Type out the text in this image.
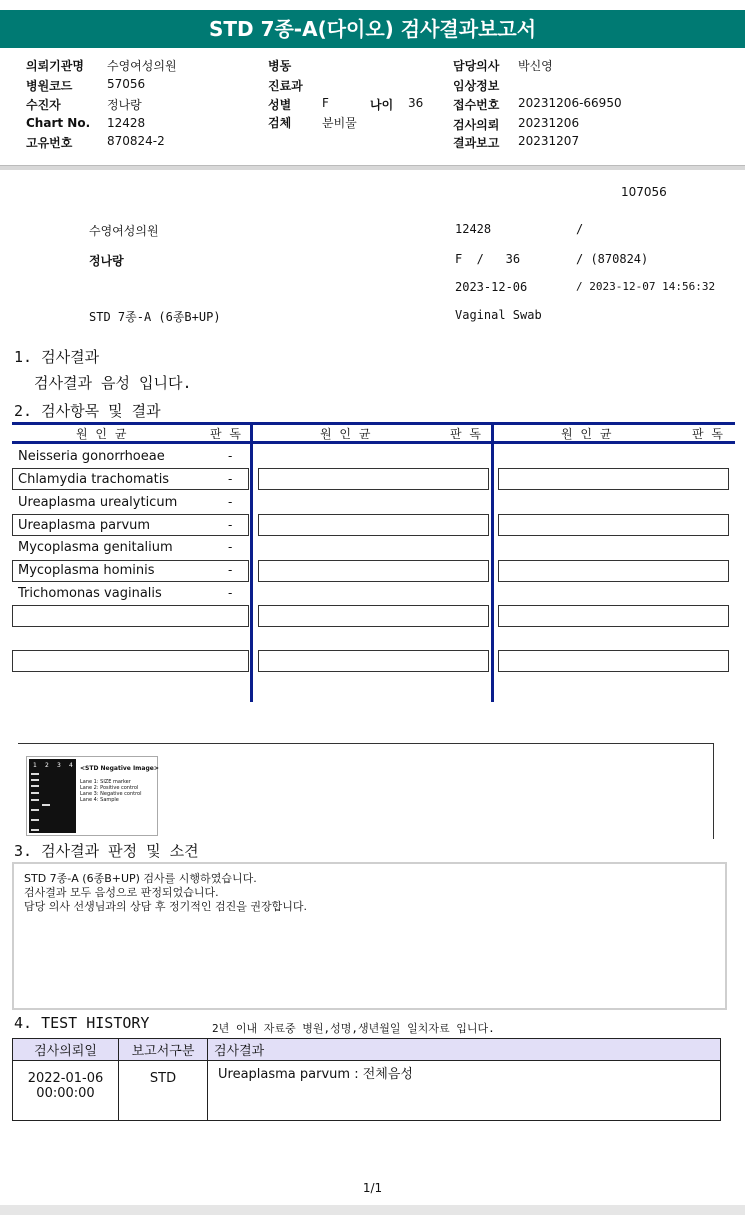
STD 7종-A(다이오) 검사결과보고서
의뢰기관명 수영여성의원
병원코드	57056
수진자	정나랑
Chart No. 12428
고유번호	870824-2
병동
진료과
성별	F	나이 36
검체	분비물
담당의사 박신영
임상정보
접수번호 20231206-66950
검사의뢰 20231206
결과보고 20231207
107056
수영여성의원	12428	/
정나랑	F  /   36	/ (870824)
2023-12-06	/ 2023-12-07 14:56:32
STD 7종-A (6종B+UP)	Vaginal Swab
1. 검사결과
검사결과 음성 입니다.
2. 검사항목 및 결과
원 인 균	판 독	원 인 균	판 독	원 인 균	판 독
Neisseria gonorrhoeae	-
Chlamydia trachomatis	-
Ureaplasma urealyticum	-
Ureaplasma parvum	-
Mycoplasma genitalium	-
Mycoplasma hominis	-
Trichomonas vaginalis	-
1 2 3 4 <STD Negative Image>
Lane 1: SIZE marker
Lane 2: Positive control
Lane 3: Negative control
Lane 4: Sample
3. 검사결과 판정 및 소견
STD 7종-A (6종B+UP) 검사를 시행하였습니다.
검사결과 모두 음성으로 판정되었습니다.
담당 의사 선생님과의 상담 후 정기적인 검진을 권장합니다.
4. TEST HISTORY	2년 이내 자료중 병원,성명,생년월일 일치자료 입니다.
검사의뢰일	보고서구분	검사결과

2022-01-06
00:00:00	STD	Ureaplasma parvum : 전체음성
1/1
